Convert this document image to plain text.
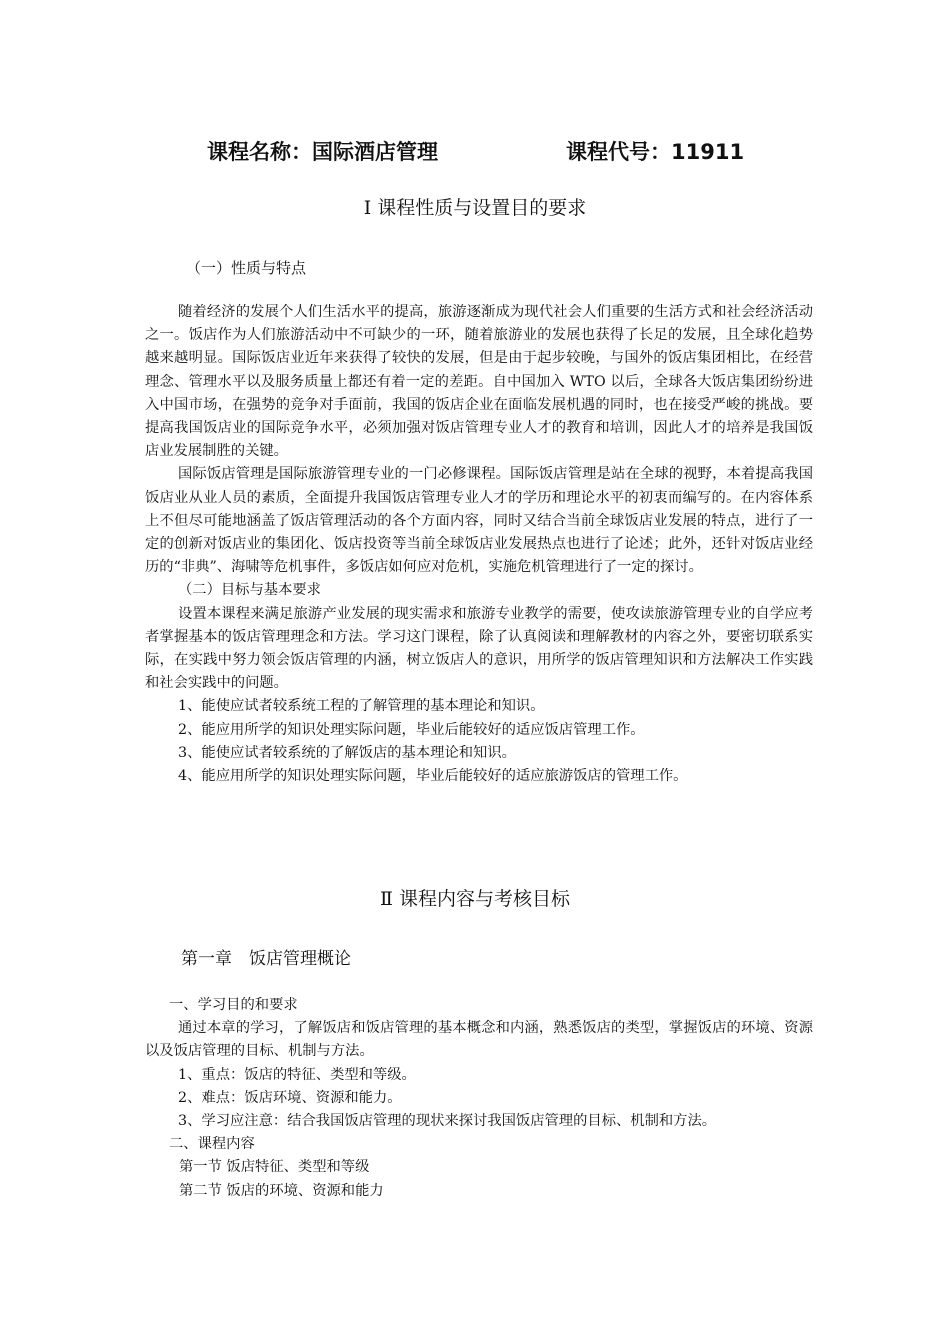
课程名称：国际酒店管理	课程代号：11911
Ⅰ 课程性质与设置目的要求
（一）性质与特点

随着经济的发展个人们生活水平的提高，旅游逐渐成为现代社会人们重要的生活方式和社会经济活动之一。饭店作为人们旅游活动中不可缺少的一环，随着旅游业的发展也获得了长足的发展，且全球化趋势越来越明显。国际饭店业近年来获得了较快的发展，但是由于起步较晚，与国外的饭店集团相比，在经营理念、管理水平以及服务质量上都还有着一定的差距。自中国加入 WTO 以后，全球各大饭店集团纷纷进入中国市场，在强势的竞争对手面前，我国的饭店企业在面临发展机遇的同时，也在接受严峻的挑战。要提高我国饭店业的国际竞争水平，必须加强对饭店管理专业人才的教育和培训，因此人才的培养是我国饭店业发展制胜的关键。

国际饭店管理是国际旅游管理专业的一门必修课程。国际饭店管理是站在全球的视野，本着提高我国饭店业从业人员的素质，全面提升我国饭店管理专业人才的学历和理论水平的初衷而编写的。在内容体系上不但尽可能地涵盖了饭店管理活动的各个方面内容，同时又结合当前全球饭店业发展的特点，进行了一定的创新对饭店业的集团化、饭店投资等当前全球饭店业发展热点也进行了论述；此外，还针对饭店业经历的“非典”、海啸等危机事件，多饭店如何应对危机，实施危机管理进行了一定的探讨。

（二）目标与基本要求

设置本课程来满足旅游产业发展的现实需求和旅游专业教学的需要，使攻读旅游管理专业的自学应考者掌握基本的饭店管理理念和方法。学习这门课程，除了认真阅读和理解教材的内容之外，要密切联系实际，在实践中努力领会饭店管理的内涵，树立饭店人的意识，用所学的饭店管理知识和方法解决工作实践和社会实践中的问题。

1、能使应试者较系统工程的了解管理的基本理论和知识。

2、能应用所学的知识处理实际问题，毕业后能较好的适应饭店管理工作。

3、能使应试者较系统的了解饭店的基本理论和知识。

4、能应用所学的知识处理实际问题，毕业后能较好的适应旅游饭店的管理工作。

Ⅱ 课程内容与考核目标
第一章　饭店管理概论

一、学习目的和要求

通过本章的学习，了解饭店和饭店管理的基本概念和内涵，熟悉饭店的类型，掌握饭店的环境、资源以及饭店管理的目标、机制与方法。

1、重点：饭店的特征、类型和等级。

2、难点：饭店环境、资源和能力。

3、学习应注意：结合我国饭店管理的现状来探讨我国饭店管理的目标、机制和方法。

二、课程内容

第一节 饭店特征、类型和等级

第二节 饭店的环境、资源和能力
